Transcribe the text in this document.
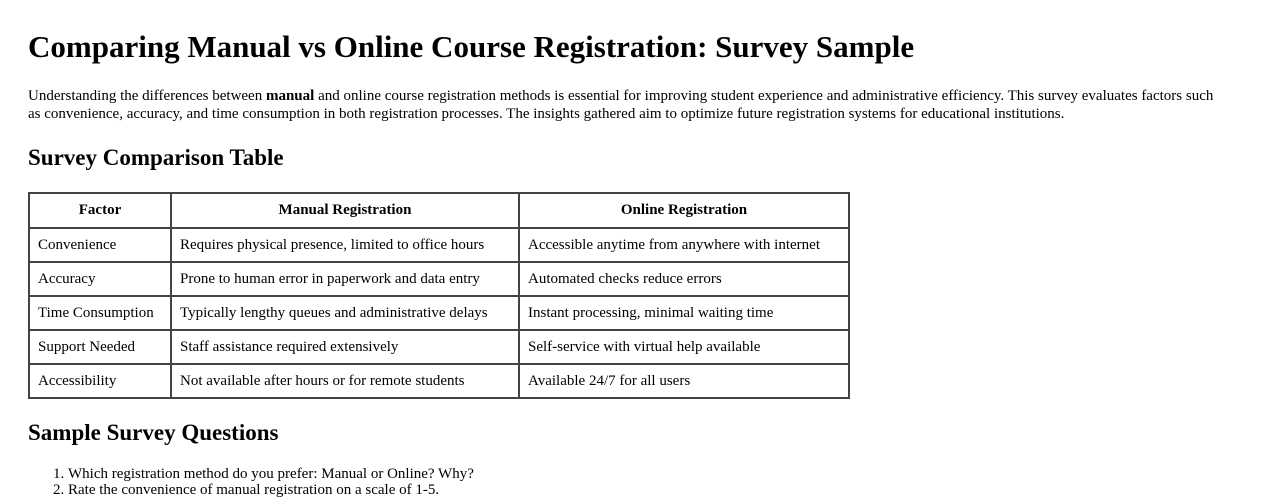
Comparing Manual vs Online Course Registration: Survey Sample

Understanding the differences between manual and online course registration methods is essential for improving student experience and administrative efficiency. This survey evaluates factors such as convenience, accuracy, and time consumption in both registration processes. The insights gathered aim to optimize future registration systems for educational institutions.

Survey Comparison Table
Factor	Manual Registration	Online Registration
Convenience	Requires physical presence, limited to office hours	Accessible anytime from anywhere with internet
Accuracy	Prone to human error in paperwork and data entry	Automated checks reduce errors
Time Consumption	Typically lengthy queues and administrative delays	Instant processing, minimal waiting time
Support Needed	Staff assistance required extensively	Self-service with virtual help available
Accessibility	Not available after hours or for remote students	Available 24/7 for all users
Sample Survey Questions
1. Which registration method do you prefer: Manual or Online? Why?
2. Rate the convenience of manual registration on a scale of 1-5.
